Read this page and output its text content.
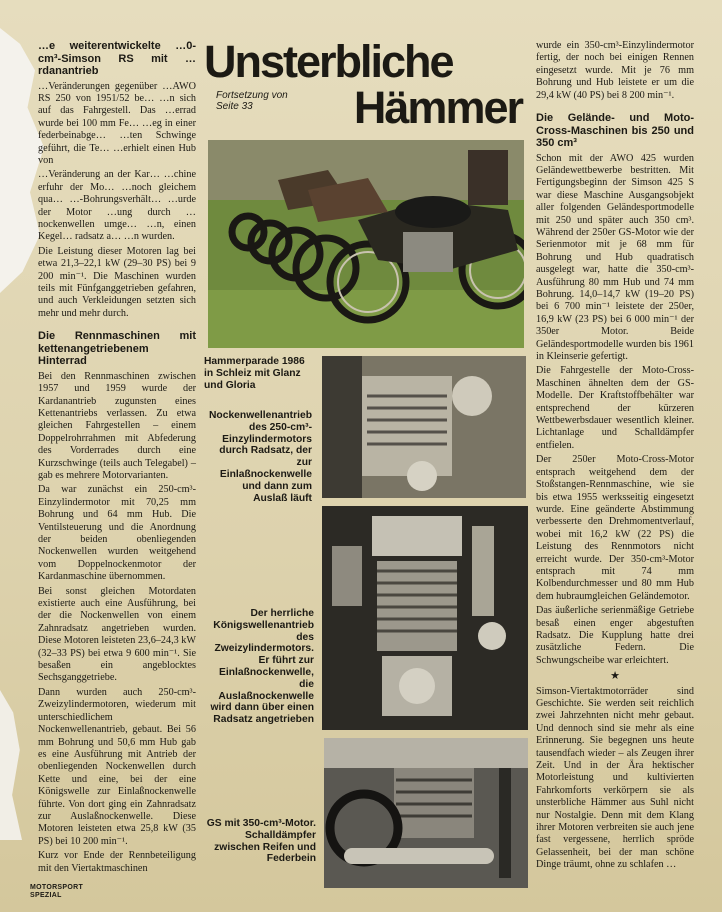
…e weiterentwickelte …0-cm³-Simson RS mit …rdanantrieb

…Veränderungen gegenüber …AWO RS 250 von 1951/52 be… …n sich auf das Fahrgestell. Das …errad wurde bei 100 mm Fe… …eg in einer federbeinabge… …ten Schwinge geführt, die Te… …erhielt einen Hub von

…Veränderung an der Kar… …chine erfuhr der Mo… …noch gleichem qua… …-Bohrungsverhält… …urde der Motor …ung durch …nockenwellen umge… …n, einen Kegel… radsatz a… …n wurden.

Die Leistung dieser Motoren lag bei etwa 21,3–22,1 kW (29–30 PS) bei 9 200 min⁻¹. Die Maschinen wurden teils mit Fünfganggetrieben gefahren, und auch Verkleidungen setzten sich mehr und mehr durch.

Die Rennmaschinen mit kettenangetriebenem Hinterrad

Bei den Rennmaschinen zwischen 1957 und 1959 wurde der Kardanantrieb zugunsten eines Kettenantriebs verlassen. Zu etwa gleichen Fahrgestellen – einem Doppelrohrrahmen mit Abfederung des Vorderrades durch eine Kurzschwinge (teils auch Telegabel) – gab es mehrere Motorvarianten.

Da war zunächst ein 250-cm³-Einzylindermotor mit 70,25 mm Bohrung und 64 mm Hub. Die Ventilsteuerung und die Anordnung der beiden obenliegenden Nockenwellen wurden weitgehend vom Doppelnockenmotor der Kardanmaschine übernommen.

Bei sonst gleichen Motordaten existierte auch eine Ausführung, bei der die Nockenwellen von einem Zahnradsatz angetrieben wurden. Diese Motoren leisteten 23,6–24,3 kW (32–33 PS) bei etwa 9 600 min⁻¹. Sie besaßen ein angeblocktes Sechsganggetriebe.

Dann wurden auch 250-cm³-Zweizylindermotoren, wiederum mit unterschiedlichem Nockenwellenantrieb, gebaut. Bei 56 mm Bohrung und 50,6 mm Hub gab es eine Ausführung mit Antrieb der obenliegenden Nockenwellen durch Kette und eine, bei der eine Königswelle zur Einlaßnockenwelle führte. Von dort ging ein Zahnradsatz zur Auslaßnockenwelle. Diese Motoren leisteten etwa 25,8 kW (35 PS) bei 10 200 min⁻¹.

Kurz vor Ende der Rennbeteiligung mit den Viertaktmaschinen

Unsterbliche
Fortsetzung von
Seite 33	Hämmer
Hammerparade 1986 in Schleiz mit Glanz und Gloria
Nockenwellenantrieb des 250-cm³-Einzylindermotors durch Radsatz, der zur Einlaßnockenwelle und dann zum Auslaß läuft
Der herrliche Königswellenantrieb des Zweizylindermotors. Er führt zur Einlaßnockenwelle, die Auslaßnockenwelle wird dann über einen Radsatz angetrieben
GS mit 350-cm³-Motor. Schalldämpfer zwischen Reifen und Federbein

wurde ein 350-cm³-Einzylindermotor fertig, der noch bei einigen Rennen eingesetzt wurde. Mit je 76 mm Bohrung und Hub leistete er um die 29,4 kW (40 PS) bei 8 200 min⁻¹.

Die Gelände- und Moto-Cross-Maschinen bis 250 und 350 cm³

Schon mit der AWO 425 wurden Geländewettbewerbe bestritten. Mit Fertigungsbeginn der Simson 425 S war diese Maschine Ausgangsobjekt aller folgenden Geländesportmodelle mit 250 und später auch 350 cm³. Während der 250er GS-Motor wie der Serienmotor mit je 68 mm für Bohrung und Hub quadratisch ausgelegt war, hatte die 350-cm³-Ausführung 80 mm Hub und 74 mm Bohrung. 14,0–14,7 kW (19–20 PS) bei 6 700 min⁻¹ leistete der 250er, 16,9 kW (23 PS) bei 6 000 min⁻¹ der 350er Motor. Beide Geländesportmodelle wurden bis 1961 in Kleinserie gefertigt.

Die Fahrgestelle der Moto-Cross-Maschinen ähnelten dem der GS-Modelle. Der Kraftstoffbehälter war entsprechend der kürzeren Wettbewerbsdauer wesentlich kleiner. Lichtanlage und Schalldämpfer entfielen.

Der 250er Moto-Cross-Motor entsprach weitgehend dem der Stoßstangen-Rennmaschine, wie sie bis etwa 1955 werksseitig eingesetzt wurde. Eine geänderte Abstimmung verbesserte den Drehmomentverlauf, wobei mit 16,2 kW (22 PS) die Leistung des Rennmotors nicht erreicht wurde. Der 350-cm³-Motor entsprach mit 74 mm Kolbendurchmesser und 80 mm Hub dem hubraumgleichen Geländemotor.

Das äußerliche serienmäßige Getriebe besaß einen enger abgestuften Radsatz. Die Kupplung hatte drei zusätzliche Federn. Die Schwungscheibe war erleichtert.

★

Simson-Viertaktmotorräder sind Geschichte. Sie werden seit reichlich zwei Jahrzehnten nicht mehr gebaut. Und dennoch sind sie mehr als eine Erinnerung. Sie begegnen uns heute tausendfach wieder – als Zeugen ihrer Zeit. Und in der Ära hektischer Motorleistung und kultivierten Fahrkomforts verkörpern sie als unsterbliche Hämmer aus Suhl nicht nur Nostalgie. Denn mit dem Klang ihrer Motoren verbreiten sie auch jene fast vergessene, herrlich spröde Gelassenheit, bei der man schöne Dinge träumt, ohne zu schlafen …

MOTORSPORT
SPEZIAL
